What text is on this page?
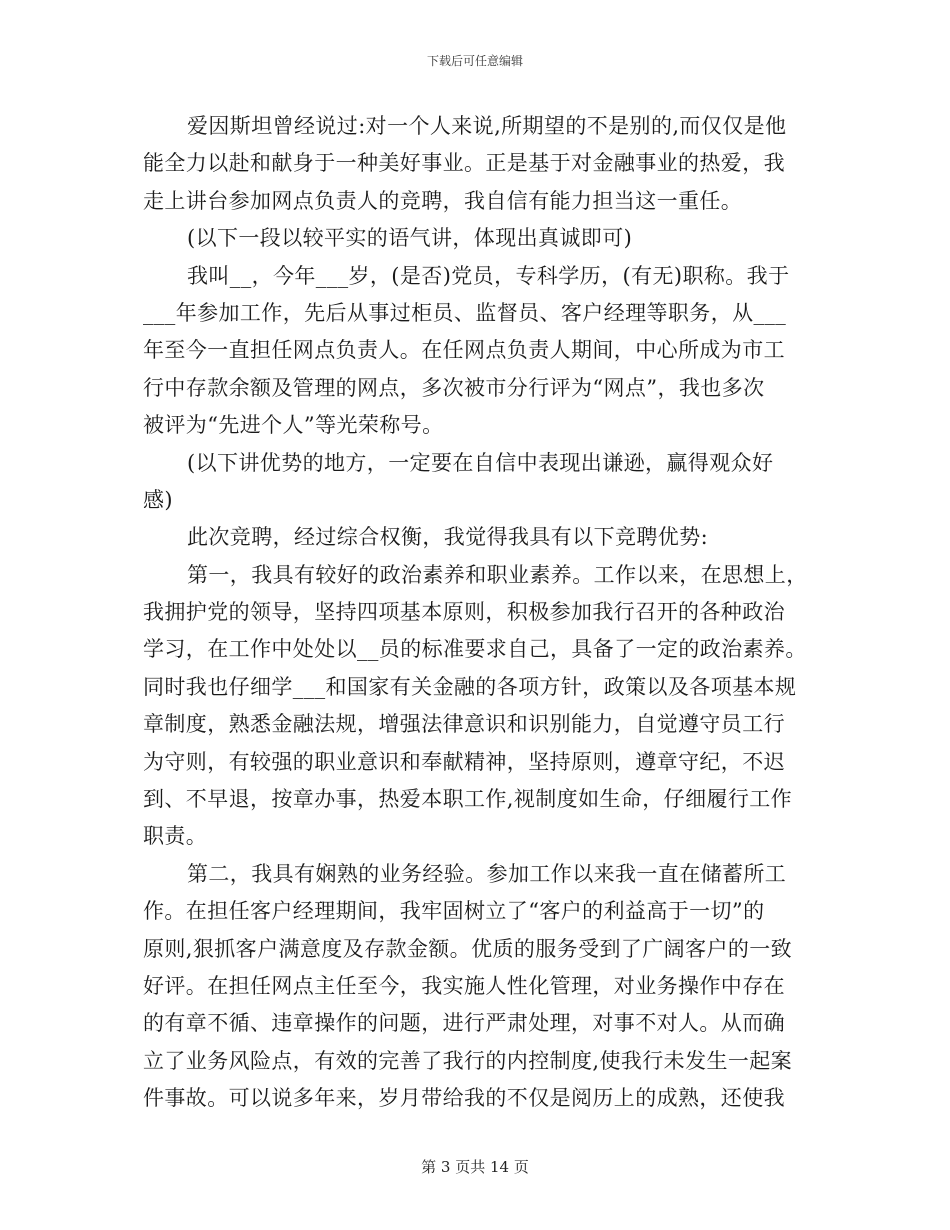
下载后可任意编辑
爱因斯坦曾经说过:对一个人来说,所期望的不是别的,而仅仅是他
能全力以赴和献身于一种美好事业。正是基于对金融事业的热爱，我
走上讲台参加网点负责人的竞聘，我自信有能力担当这一重任。
(以下一段以较平实的语气讲，体现出真诚即可)
我叫__，今年___岁，(是否)党员，专科学历，(有无)职称。我于
___年参加工作，先后从事过柜员、监督员、客户经理等职务，从___
年至今一直担任网点负责人。在任网点负责人期间，中心所成为市工
行中存款余额及管理的网点，多次被市分行评为“网点”，我也多次
被评为“先进个人”等光荣称号。
(以下讲优势的地方，一定要在自信中表现出谦逊，赢得观众好
感)
此次竞聘，经过综合权衡，我觉得我具有以下竞聘优势:
第一，我具有较好的政治素养和职业素养。工作以来，在思想上，
我拥护党的领导，坚持四项基本原则，积极参加我行召开的各种政治
学习，在工作中处处以__员的标准要求自己，具备了一定的政治素养。
同时我也仔细学___和国家有关金融的各项方针，政策以及各项基本规
章制度，熟悉金融法规，增强法律意识和识别能力，自觉遵守员工行
为守则，有较强的职业意识和奉献精神，坚持原则，遵章守纪，不迟
到、不早退，按章办事，热爱本职工作,视制度如生命，仔细履行工作
职责。
第二，我具有娴熟的业务经验。参加工作以来我一直在储蓄所工
作。在担任客户经理期间，我牢固树立了“客户的利益高于一切”的
原则,狠抓客户满意度及存款金额。优质的服务受到了广阔客户的一致
好评。在担任网点主任至今，我实施人性化管理，对业务操作中存在
的有章不循、违章操作的问题，进行严肃处理，对事不对人。从而确
立了业务风险点，有效的完善了我行的内控制度,使我行未发生一起案
件事故。可以说多年来，岁月带给我的不仅是阅历上的成熟，还使我
第 3 页共 14 页
